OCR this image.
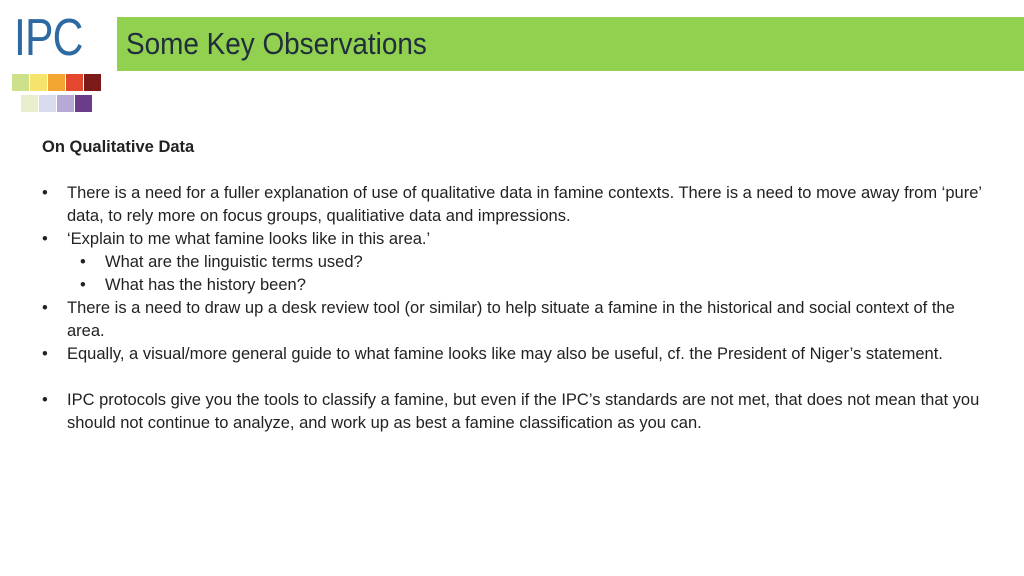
IPC Some Key Observations

On Qualitative Data

• There is a need for a fuller explanation of use of qualitative data in famine contexts. There is a need to move away from ‘pure’ data, to rely more on focus groups, qualitiative data and impressions.

• ‘Explain to me what famine looks like in this area.’

• What are the linguistic terms used?

• What has the history been?

• There is a need to draw up a desk review tool (or similar) to help situate a famine in the historical and social context of the area.

• Equally, a visual/more general guide to what famine looks like may also be useful, cf. the President of Niger’s statement.

• IPC protocols give you the tools to classify a famine, but even if the IPC’s standards are not met, that does not mean that you should not continue to analyze, and work up as best a famine classification as you can.
